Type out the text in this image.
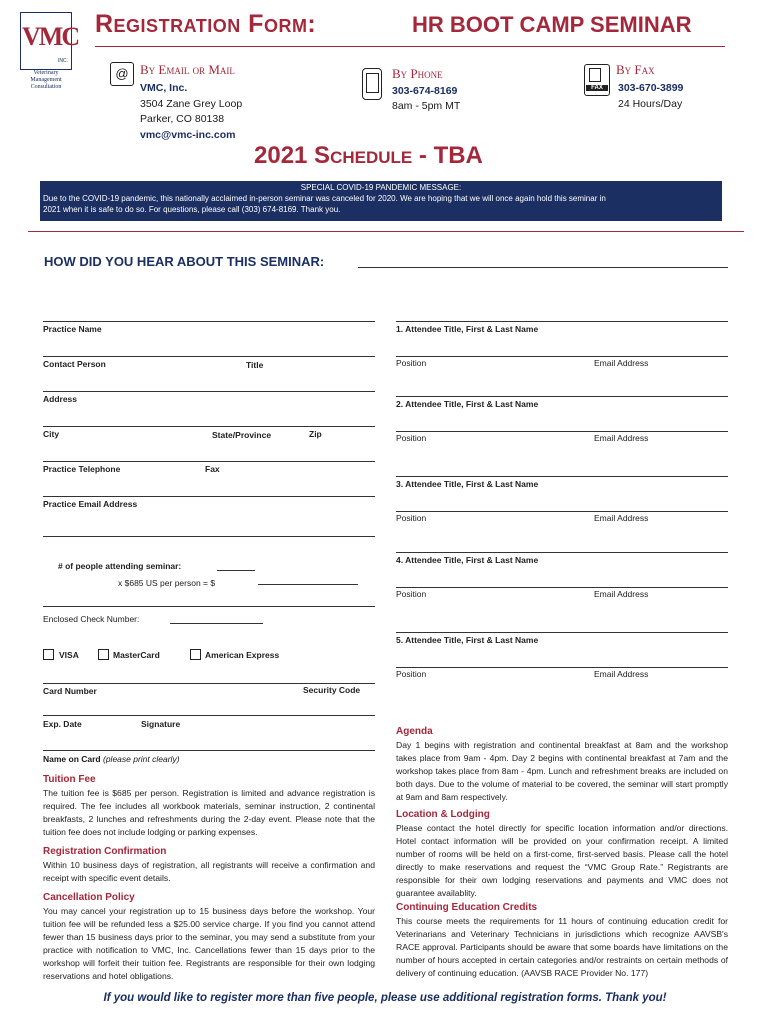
VMC
INC.
Veterinary
Management
Consultation
Registration Form:	HR BOOT CAMP SEMINAR
@ By Email or Mail
VMC, Inc.
3504 Zane Grey Loop
Parker, CO 80138
vmc@vmc-inc.com
By Phone
303-674-8169
8am - 5pm MT
FAX
By Fax
303-670-3899
24 Hours/Day
2021 Schedule - TBA
SPECIAL COVID-19 PANDEMIC MESSAGE:
Due to the COVID-19 pandemic, this nationally acclaimed in-person seminar was canceled for 2020. We are hoping that we will once again hold this seminar in
2021 when it is safe to do so. For questions, please call (303) 674-8169. Thank you.
HOW DID YOU HEAR ABOUT THIS SEMINAR:
Practice Name
Contact Person	Title
Address
City	State/Province	Zip
Practice Telephone	Fax
Practice Email Address
# of people attending seminar:
x $685 US per person = $
Enclosed Check Number:
VISA	MasterCard	American Express
Card Number	Security Code
Exp. Date	Signature
Name on Card (please print clearly)
1. Attendee Title, First & Last Name
Position	Email Address
2. Attendee Title, First & Last Name
Position	Email Address
3. Attendee Title, First & Last Name
Position	Email Address
4. Attendee Title, First & Last Name
Position	Email Address
5. Attendee Title, First & Last Name
Position	Email Address
Tuition Fee
The tuition fee is $685 per person. Registration is limited and advance registration is required. The fee includes all workbook materials, seminar instruction, 2 continental breakfasts, 2 lunches and refreshments during the 2-day event. Please note that the tuition fee does not include lodging or parking expenses.
Registration Confirmation
Within 10 business days of registration, all registrants will receive a confirmation and receipt with specific event details.
Cancellation Policy
You may cancel your registration up to 15 business days before the workshop. Your tuition fee will be refunded less a $25.00 service charge. If you find you cannot attend fewer than 15 business days prior to the seminar, you may send a substitute from your practice with notification to VMC, Inc. Cancellations fewer than 15 days prior to the workshop will forfeit their tuition fee. Registrants are responsible for their own lodging reservations and hotel obligations.
Agenda
Day 1 begins with registration and continental breakfast at 8am and the workshop takes place from 9am - 4pm. Day 2 begins with continental breakfast at 7am and the workshop takes place from 8am - 4pm. Lunch and refreshment breaks are included on both days. Due to the volume of material to be covered, the seminar will start promptly at 9am and 8am respectively.
Location & Lodging
Please contact the hotel directly for specific location information and/or directions. Hotel contact information will be provided on your confirmation receipt. A limited number of rooms will be held on a first-come, first-served basis. Please call the hotel directly to make reservations and request the “VMC Group Rate.” Registrants are responsible for their own lodging reservations and payments and VMC does not guarantee availablity.
Continuing Education Credits
This course meets the requirements for 11 hours of continuing education credit for Veterinarians and Veterinary Technicians in jurisdictions which recognize AAVSB's RACE approval. Participants should be aware that some boards have limitations on the number of hours accepted in certain categories and/or restraints on certain methods of delivery of continuing education. (AAVSB RACE Provider No. 177)
If you would like to register more than five people, please use additional registration forms. Thank you!
